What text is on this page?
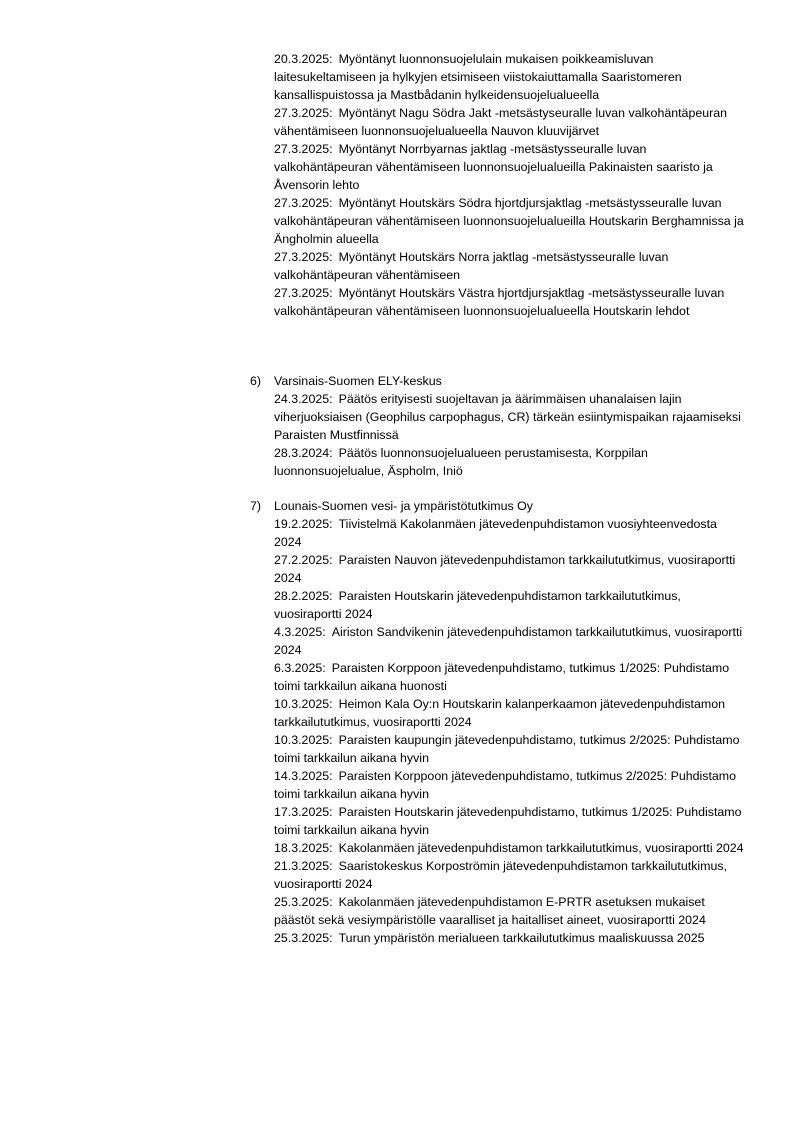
20.3.2025: Myöntänyt luonnonsuojelulain mukaisen poikkeamisluvan laitesukeltamiseen ja hylkyjen etsimiseen viistokaiuttamalla Saaristomeren kansallispuistossa ja Mastbådanin hylkeidensuojelualueella

27.3.2025: Myöntänyt Nagu Södra Jakt -metsästyseuralle luvan valkohäntäpeuran vähentämiseen luonnonsuojelualueella Nauvon kluuvijärvet

27.3.2025: Myöntänyt Norrbyarnas jaktlag -metsästysseuralle luvan valkohäntäpeuran vähentämiseen luonnonsuojelualueilla Pakinaisten saaristo ja Åvensorin lehto

27.3.2025: Myöntänyt Houtskärs Södra hjortdjursjaktlag -metsästysseuralle luvan valkohäntäpeuran vähentämiseen luonnonsuojelualueilla Houtskarin Berghamnissa ja Ängholmin alueella

27.3.2025: Myöntänyt Houtskärs Norra jaktlag -metsästysseuralle luvan valkohäntäpeuran vähentämiseen

27.3.2025: Myöntänyt Houtskärs Västra hjortdjursjaktlag -metsästysseuralle luvan valkohäntäpeuran vähentämiseen luonnonsuojelualueella Houtskarin lehdot

6)	Varsinais-Suomen ELY-keskus

24.3.2025: Päätös erityisesti suojeltavan ja äärimmäisen uhanalaisen lajin viherjuoksiaisen (Geophilus carpophagus, CR) tärkeän esiintymispaikan rajaamiseksi Paraisten Mustfinnissä

28.3.2024: Päätös luonnonsuojelualueen perustamisesta, Korppilan luonnonsuojelualue, Äspholm, Iniö

7)	Lounais-Suomen vesi- ja ympäristötutkimus Oy

19.2.2025: Tiivistelmä Kakolanmäen jätevedenpuhdistamon vuosiyhteenvedosta 2024

27.2.2025: Paraisten Nauvon jätevedenpuhdistamon tarkkailututkimus, vuosiraportti 2024

28.2.2025: Paraisten Houtskarin jätevedenpuhdistamon tarkkailututkimus, vuosiraportti 2024

4.3.2025: Airiston Sandvikenin jätevedenpuhdistamon tarkkailututkimus, vuosiraportti 2024

6.3.2025: Paraisten Korppoon jätevedenpuhdistamo, tutkimus 1/2025: Puhdistamo toimi tarkkailun aikana huonosti

10.3.2025: Heimon Kala Oy:n Houtskarin kalanperkaamon jätevedenpuhdistamon tarkkailututkimus, vuosiraportti 2024

10.3.2025: Paraisten kaupungin jätevedenpuhdistamo, tutkimus 2/2025: Puhdistamo toimi tarkkailun aikana hyvin

14.3.2025: Paraisten Korppoon jätevedenpuhdistamo, tutkimus 2/2025: Puhdistamo toimi tarkkailun aikana hyvin

17.3.2025: Paraisten Houtskarin jätevedenpuhdistamo, tutkimus 1/2025: Puhdistamo toimi tarkkailun aikana hyvin

18.3.2025: Kakolanmäen jätevedenpuhdistamon tarkkailututkimus, vuosiraportti 2024

21.3.2025: Saaristokeskus Korpoströmin jätevedenpuhdistamon tarkkailututkimus, vuosiraportti 2024

25.3.2025: Kakolanmäen jätevedenpuhdistamon E-PRTR asetuksen mukaiset päästöt sekä vesiympäristölle vaaralliset ja haitalliset aineet, vuosiraportti 2024

25.3.2025: Turun ympäristön merialueen tarkkailututkimus maaliskuussa 2025
